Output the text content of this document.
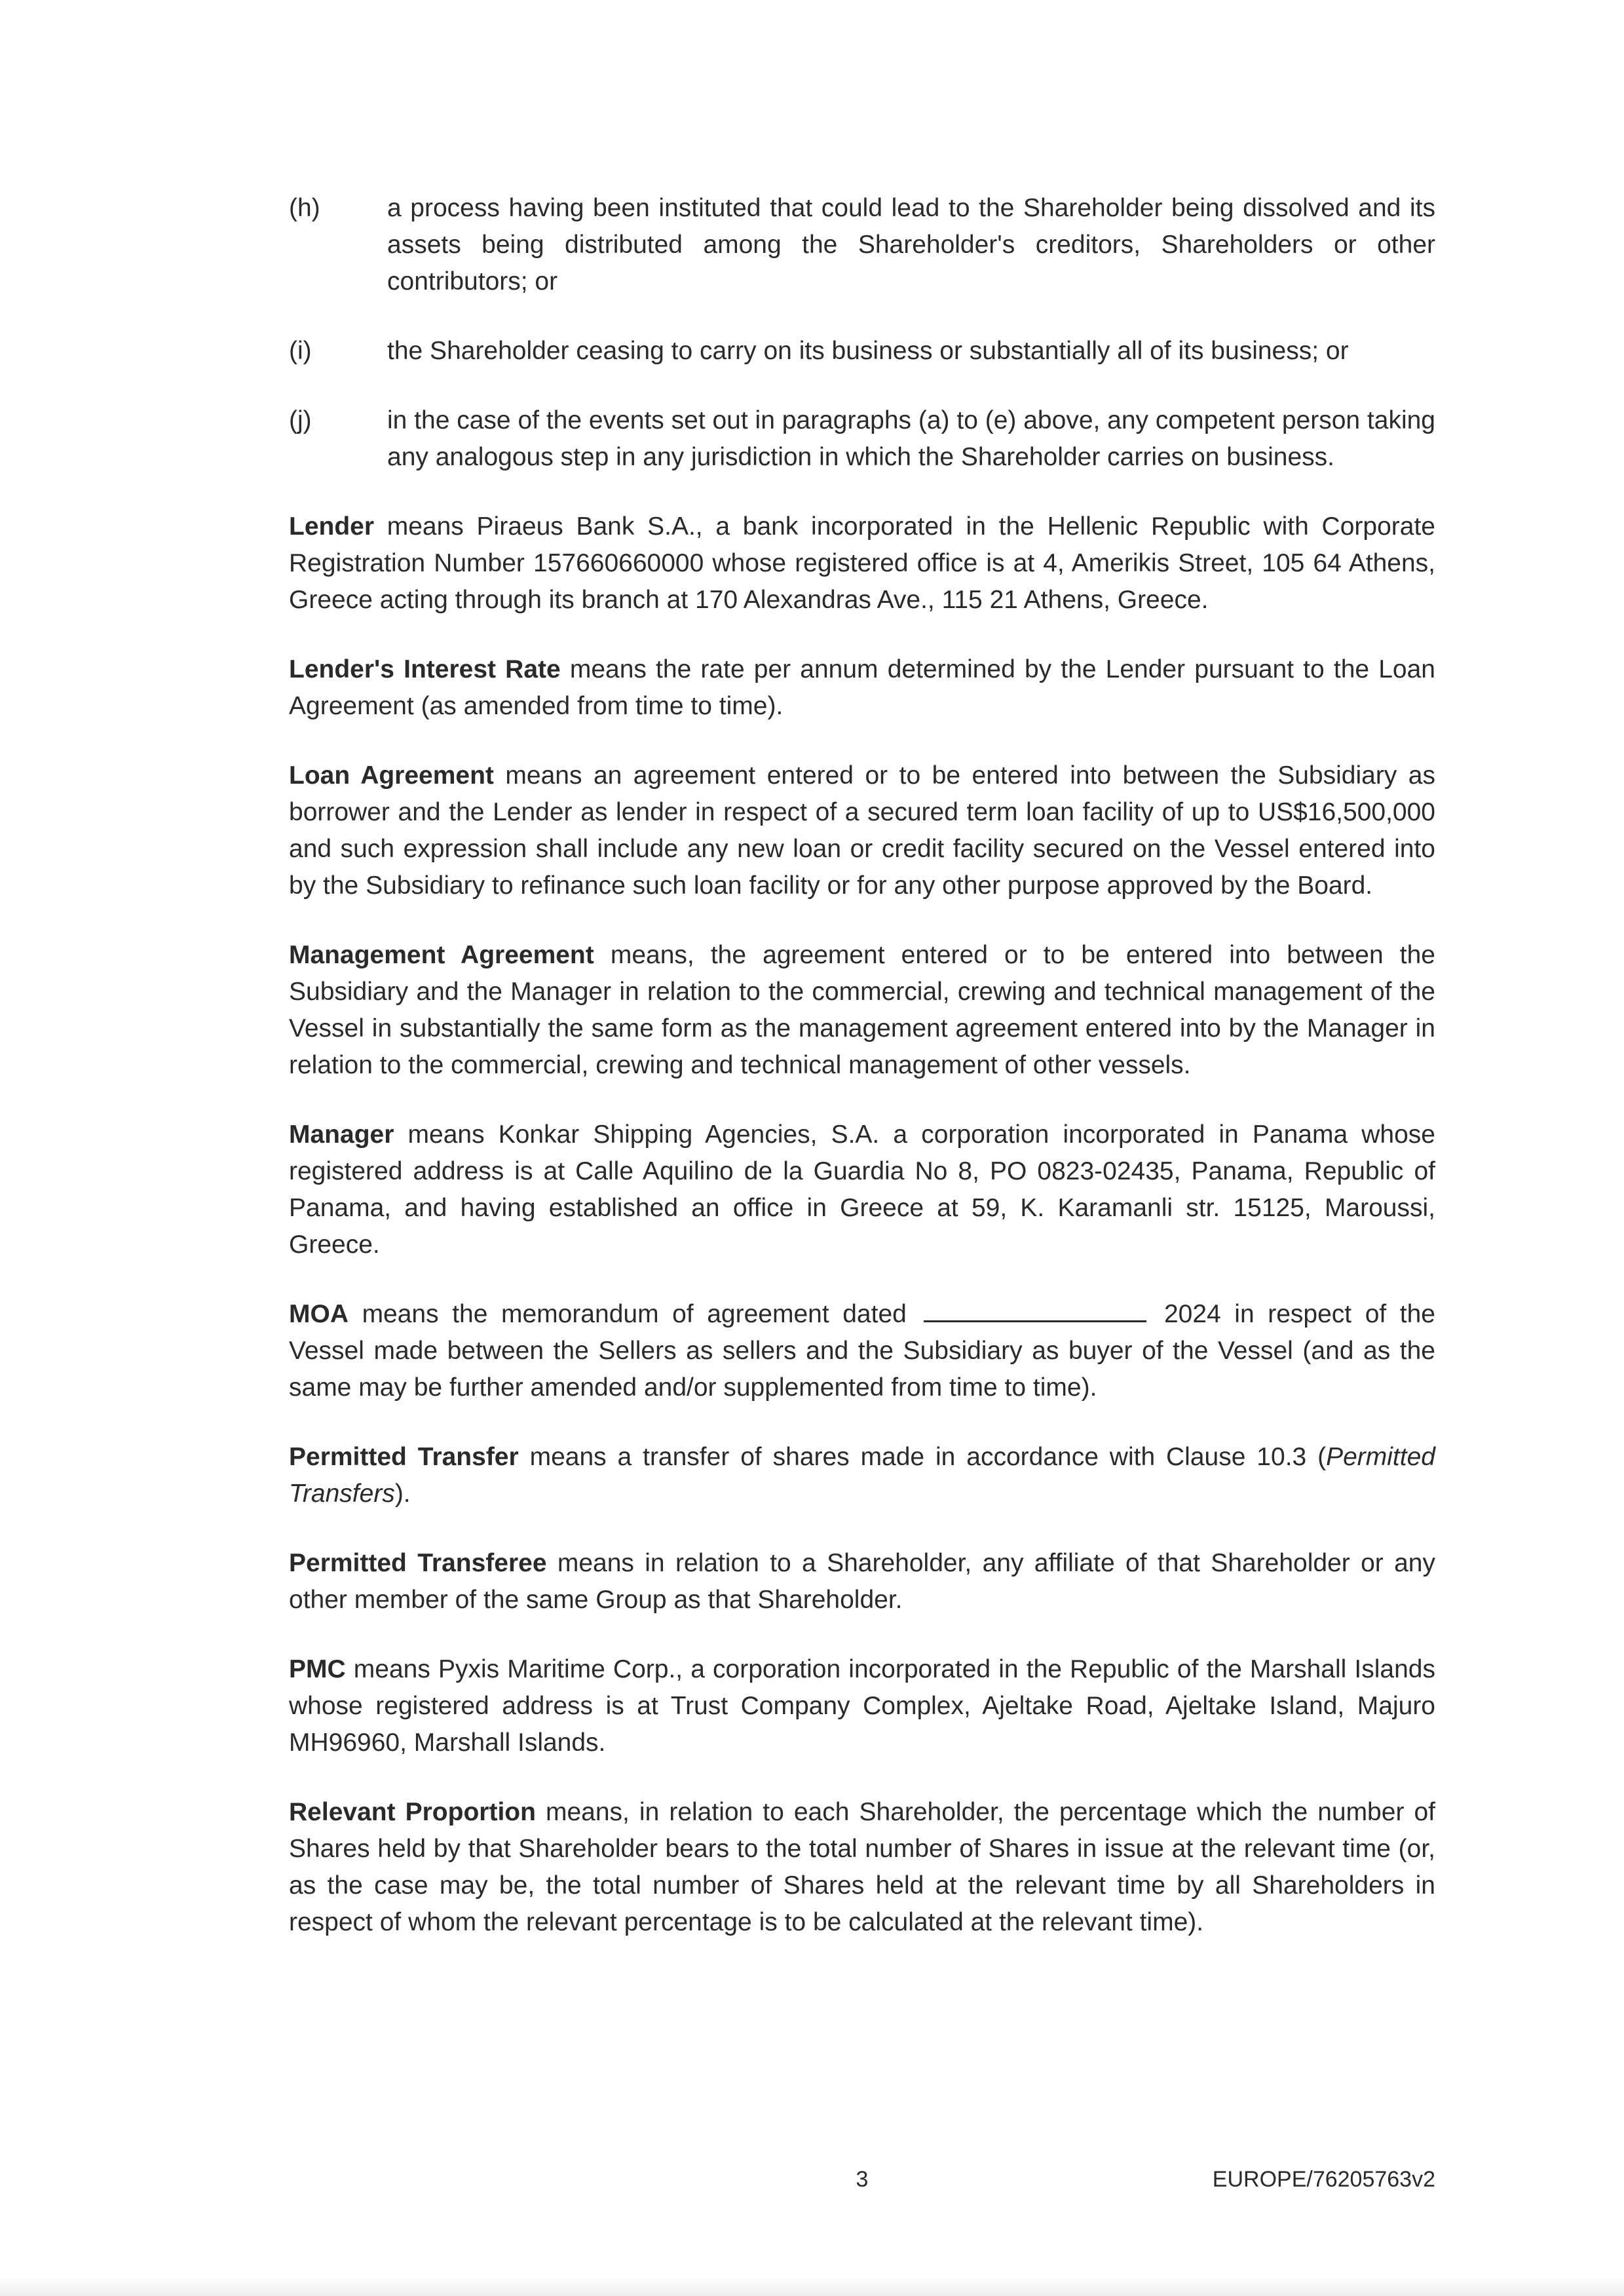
(h)	a process having been instituted that could lead to the Shareholder being dissolved and its assets being distributed among the Shareholder's creditors, Shareholders or other contributors; or

(i)	the Shareholder ceasing to carry on its business or substantially all of its business; or

(j)	in the case of the events set out in paragraphs (a) to (e) above, any competent person taking any analogous step in any jurisdiction in which the Shareholder carries on business.

Lender means Piraeus Bank S.A., a bank incorporated in the Hellenic Republic with Corporate Registration Number 157660660000 whose registered office is at 4, Amerikis Street, 105 64 Athens, Greece acting through its branch at 170 Alexandras Ave., 115 21 Athens, Greece.

Lender's Interest Rate means the rate per annum determined by the Lender pursuant to the Loan Agreement (as amended from time to time).

Loan Agreement means an agreement entered or to be entered into between the Subsidiary as borrower and the Lender as lender in respect of a secured term loan facility of up to US$16,500,000 and such expression shall include any new loan or credit facility secured on the Vessel entered into by the Subsidiary to refinance such loan facility or for any other purpose approved by the Board.

Management Agreement means, the agreement entered or to be entered into between the Subsidiary and the Manager in relation to the commercial, crewing and technical management of the Vessel in substantially the same form as the management agreement entered into by the Manager in relation to the commercial, crewing and technical management of other vessels.

Manager means Konkar Shipping Agencies, S.A. a corporation incorporated in Panama whose registered address is at Calle Aquilino de la Guardia No 8, PO 0823-02435, Panama, Republic of Panama, and having established an office in Greece at 59, K. Karamanli str. 15125, Maroussi, Greece.

MOA means the memorandum of agreement dated	2024 in respect of the Vessel made between the Sellers as sellers and the Subsidiary as buyer of the Vessel (and as the same may be further amended and/or supplemented from time to time).

Permitted Transfer means a transfer of shares made in accordance with Clause 10.3 (Permitted Transfers).

Permitted Transferee means in relation to a Shareholder, any affiliate of that Shareholder or any other member of the same Group as that Shareholder.

PMC means Pyxis Maritime Corp., a corporation incorporated in the Republic of the Marshall Islands whose registered address is at Trust Company Complex, Ajeltake Road, Ajeltake Island, Majuro MH96960, Marshall Islands.

Relevant Proportion means, in relation to each Shareholder, the percentage which the number of Shares held by that Shareholder bears to the total number of Shares in issue at the relevant time (or, as the case may be, the total number of Shares held at the relevant time by all Shareholders in respect of whom the relevant percentage is to be calculated at the relevant time).

3	EUROPE/76205763v2
